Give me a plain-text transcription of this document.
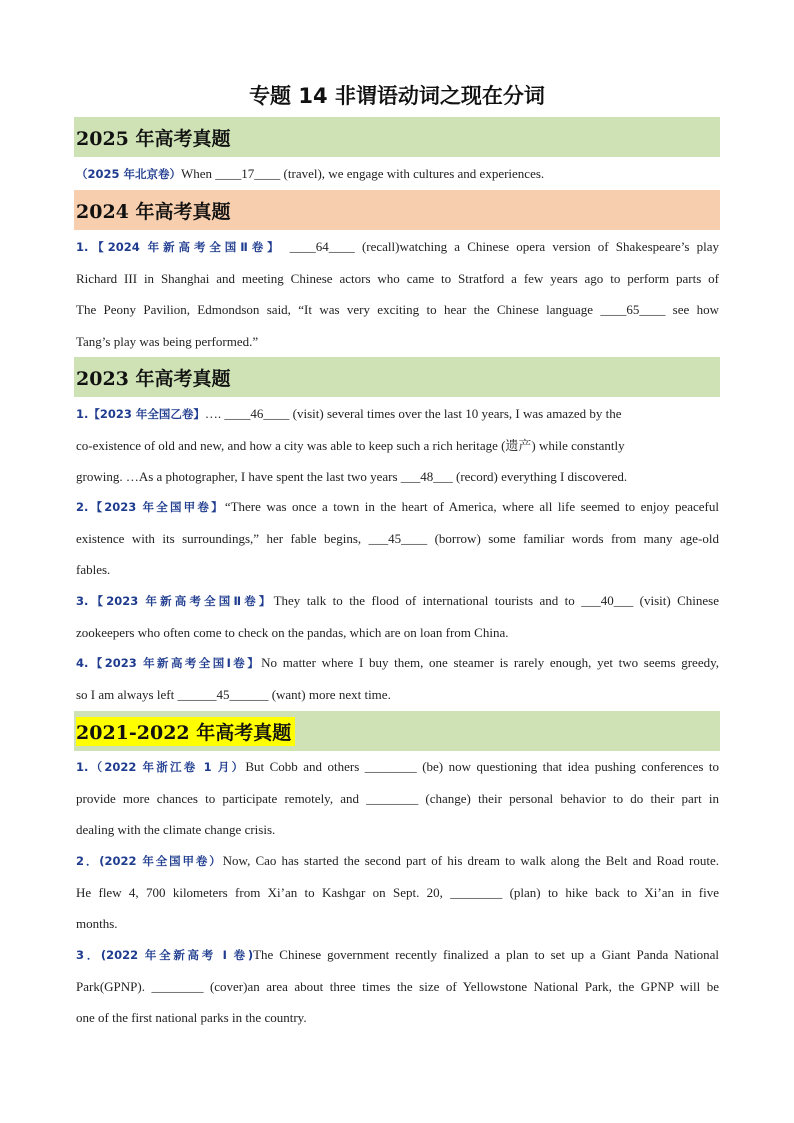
专题 14 非谓语动词之现在分词
2025 年高考真题
（2025 年北京卷）When ____17____ (travel), we engage with cultures and experiences.
2024 年高考真题
1.【2024 年新高考全国Ⅱ卷】 ____64____ (recall)watching a Chinese opera version of Shakespeare’s play
Richard III in Shanghai and meeting Chinese actors who came to Stratford a few years ago to perform parts of
The Peony Pavilion, Edmondson said, “It was very exciting to hear the Chinese language ____65____ see how
Tang’s play was being performed.”
2023 年高考真题
1.【2023 年全国乙卷】…. ____46____ (visit) several times over the last 10 years, I was amazed by the
co-existence of old and new, and how a city was able to keep such a rich heritage (遗产) while constantly
growing. …As a photographer, I have spent the last two years ___48___ (record) everything I discovered.
2.【2023 年全国甲卷】“There was once a town in the heart of America, where all life seemed to enjoy peaceful
existence with its surroundings,” her fable begins, ___45____ (borrow) some familiar words from many age-old
fables.
3.【2023 年新高考全国Ⅱ卷】They talk to the flood of international tourists and to ___40___ (visit) Chinese
zookeepers who often come to check on the pandas, which are on loan from China.
4.【2023 年新高考全国Ⅰ卷】No matter where I buy them, one steamer is rarely enough, yet two seems greedy,
so I am always left ______45______ (want) more next time.
2021-2022 年高考真题
1.（2022 年浙江卷 1 月）But Cobb and others ________ (be) now questioning that idea pushing conferences to
provide more chances to participate remotely, and ________ (change) their personal behavior to do their part in
dealing with the climate change crisis.
2．(2022 年全国甲卷）Now, Cao has started the second part of his dream to walk along the Belt and Road route.
He flew 4, 700 kilometers from Xi’an to Kashgar on Sept. 20, ________ (plan) to hike back to Xi’an in five
months.
3．(2022 年全新高考 I 卷)The Chinese government recently finalized a plan to set up a Giant Panda National
Park(GPNP). ________ (cover)an area about three times the size of Yellowstone National Park, the GPNP will be
one of the first national parks in the country.
